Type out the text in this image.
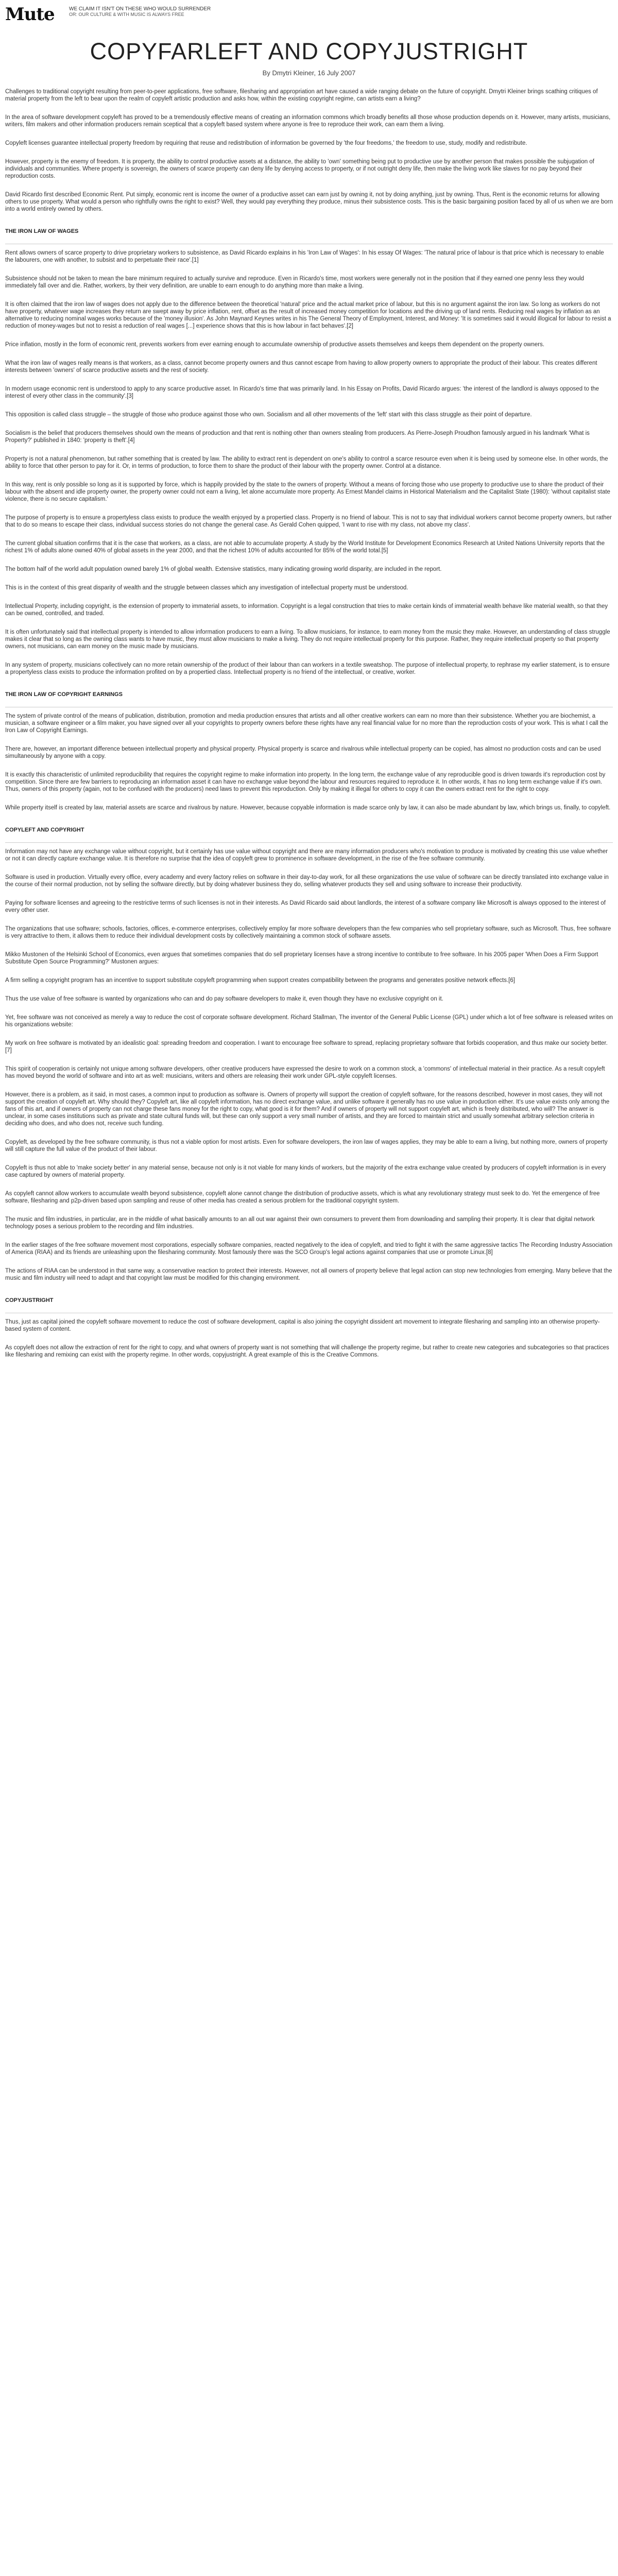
Mute	WE CLAIM IT ISN'T ON THESE WHO WOULD SURRENDER
OR: OUR CULTURE & WITH MUSIC IS ALWAYS FREE
COPYFARLEFT AND COPYJUSTRIGHT
By Dmytri Kleiner, 16 July 2007

Challenges to traditional copyright resulting from peer-to-peer applications, free software, filesharing and appropriation art have caused a wide ranging debate on the future of copyright. Dmytri Kleiner brings scathing critiques of material property from the left to bear upon the realm of copyleft artistic production and asks how, within the existing copyright regime, can artists earn a living?

In the area of software development copyleft has proved to be a tremendously effective means of creating an information commons which broadly benefits all those whose production depends on it. However, many artists, musicians, writers, film makers and other information producers remain sceptical that a copyleft based system where anyone is free to reproduce their work, can earn them a living.

Copyleft licenses guarantee intellectual property freedom by requiring that reuse and redistribution of information be governed by 'the four freedoms,' the freedom to use, study, modify and redistribute.

However, property is the enemy of freedom. It is property, the ability to control productive assets at a distance, the ability to 'own' something being put to productive use by another person that makes possible the subjugation of individuals and communities. Where property is sovereign, the owners of scarce property can deny life by denying access to property, or if not outright deny life, then make the living work like slaves for no pay beyond their reproduction costs.

David Ricardo first described Economic Rent. Put simply, economic rent is income the owner of a productive asset can earn just by owning it, not by doing anything, just by owning. Thus, Rent is the economic returns for allowing others to use property. What would a person who rightfully owns the right to exist? Well, they would pay everything they produce, minus their subsistence costs. This is the basic bargaining position faced by all of us when we are born into a world entirely owned by others.

THE IRON LAW OF WAGES

Rent allows owners of scarce property to drive proprietary workers to subsistence, as David Ricardo explains in his 'Iron Law of Wages': In his essay Of Wages: 'The natural price of labour is that price which is necessary to enable the labourers, one with another, to subsist and to perpetuate their race'.[1]

Subsistence should not be taken to mean the bare minimum required to actually survive and reproduce. Even in Ricardo's time, most workers were generally not in the position that if they earned one penny less they would immediately fall over and die. Rather, workers, by their very definition, are unable to earn enough to do anything more than make a living.

It is often claimed that the iron law of wages does not apply due to the difference between the theoretical 'natural' price and the actual market price of labour, but this is no argument against the iron law. So long as workers do not have property, whatever wage increases they return are swept away by price inflation, rent, offset as the result of increased money competition for locations and the driving up of land rents. Reducing real wages by inflation as an alternative to reducing nominal wages works because of the 'money illusion'. As John Maynard Keynes writes in his The General Theory of Employment, Interest, and Money: 'It is sometimes said it would illogical for labour to resist a reduction of money-wages but not to resist a reduction of real wages [...] experience shows that this is how labour in fact behaves'.[2]

Price inflation, mostly in the form of economic rent, prevents workers from ever earning enough to accumulate ownership of productive assets themselves and keeps them dependent on the property owners.

What the iron law of wages really means is that workers, as a class, cannot become property owners and thus cannot escape from having to allow property owners to appropriate the product of their labour. This creates different interests between 'owners' of scarce productive assets and the rest of society.

In modern usage economic rent is understood to apply to any scarce productive asset. In Ricardo's time that was primarily land. In his Essay on Profits, David Ricardo argues: 'the interest of the landlord is always opposed to the interest of every other class in the community'.[3]

This opposition is called class struggle – the struggle of those who produce against those who own. Socialism and all other movements of the 'left' start with this class struggle as their point of departure.

Socialism is the belief that producers themselves should own the means of production and that rent is nothing other than owners stealing from producers. As Pierre-Joseph Proudhon famously argued in his landmark 'What is Property?' published in 1840: 'property is theft'.[4]

Property is not a natural phenomenon, but rather something that is created by law. The ability to extract rent is dependent on one's ability to control a scarce resource even when it is being used by someone else. In other words, the ability to force that other person to pay for it. Or, in terms of production, to force them to share the product of their labour with the property owner. Control at a distance.

In this way, rent is only possible so long as it is supported by force, which is happily provided by the state to the owners of property. Without a means of forcing those who use property to productive use to share the product of their labour with the absent and idle property owner, the property owner could not earn a living, let alone accumulate more property. As Ernest Mandel claims in Historical Materialism and the Capitalist State (1980): 'without capitalist state violence, there is no secure capitalism.'

The purpose of property is to ensure a propertyless class exists to produce the wealth enjoyed by a propertied class. Property is no friend of labour. This is not to say that individual workers cannot become property owners, but rather that to do so means to escape their class, individual success stories do not change the general case. As Gerald Cohen quipped, 'I want to rise with my class, not above my class'.

The current global situation confirms that it is the case that workers, as a class, are not able to accumulate property. A study by the World Institute for Development Economics Research at United Nations University reports that the richest 1% of adults alone owned 40% of global assets in the year 2000, and that the richest 10% of adults accounted for 85% of the world total.[5]

The bottom half of the world adult population owned barely 1% of global wealth. Extensive statistics, many indicating growing world disparity, are included in the report.

This is in the context of this great disparity of wealth and the struggle between classes which any investigation of intellectual property must be understood.

Intellectual Property, including copyright, is the extension of property to immaterial assets, to information. Copyright is a legal construction that tries to make certain kinds of immaterial wealth behave like material wealth, so that they can be owned, controlled, and traded.

It is often unfortunately said that intellectual property is intended to allow information producers to earn a living. To allow musicians, for instance, to earn money from the music they make. However, an understanding of class struggle makes it clear that so long as the owning class wants to have music, they must allow musicians to make a living. They do not require intellectual property for this purpose. Rather, they require intellectual property so that property owners, not musicians, can earn money on the music made by musicians.

In any system of property, musicians collectively can no more retain ownership of the product of their labour than can workers in a textile sweatshop. The purpose of intellectual property, to rephrase my earlier statement, is to ensure a propertyless class exists to produce the information profited on by a propertied class. Intellectual property is no friend of the intellectual, or creative, worker.

THE IRON LAW OF COPYRIGHT EARNINGS

The system of private control of the means of publication, distribution, promotion and media production ensures that artists and all other creative workers can earn no more than their subsistence. Whether you are biochemist, a musician, a software engineer or a film maker, you have signed over all your copyrights to property owners before these rights have any real financial value for no more than the reproduction costs of your work. This is what I call the Iron Law of Copyright Earnings.

There are, however, an important difference between intellectual property and physical property. Physical property is scarce and rivalrous while intellectual property can be copied, has almost no production costs and can be used simultaneously by anyone with a copy.

It is exactly this characteristic of unlimited reproducibility that requires the copyright regime to make information into property. In the long term, the exchange value of any reproducible good is driven towards it's reproduction cost by competition. Since there are few barriers to reproducing an information asset it can have no exchange value beyond the labour and resources required to reproduce it. In other words, it has no long term exchange value if it's own. Thus, owners of this property (again, not to be confused with the producers) need laws to prevent this reproduction. Only by making it illegal for others to copy it can the owners extract rent for the right to copy.

While property itself is created by law, material assets are scarce and rivalrous by nature. However, because copyable information is made scarce only by law, it can also be made abundant by law, which brings us, finally, to copyleft.

COPYLEFT AND COPYRIGHT

Information may not have any exchange value without copyright, but it certainly has use value without copyright and there are many information producers who's motivation to produce is motivated by creating this use value whether or not it can directly capture exchange value. It is therefore no surprise that the idea of copyleft grew to prominence in software development, in the rise of the free software community.

Software is used in production. Virtually every office, every academy and every factory relies on software in their day-to-day work, for all these organizations the use value of software can be directly translated into exchange value in the course of their normal production, not by selling the software directly, but by doing whatever business they do, selling whatever products they sell and using software to increase their productivity.

Paying for software licenses and agreeing to the restrictive terms of such licenses is not in their interests. As David Ricardo said about landlords, the interest of a software company like Microsoft is always opposed to the interest of every other user.

The organizations that use software; schools, factories, offices, e-commerce enterprises, collectively employ far more software developers than the few companies who sell proprietary software, such as Microsoft. Thus, free software is very attractive to them, it allows them to reduce their individual development costs by collectively maintaining a common stock of software assets.

Mikko Mustonen of the Helsinki School of Economics, even argues that sometimes companies that do sell proprietary licenses have a strong incentive to contribute to free software. In his 2005 paper 'When Does a Firm Support Substitute Open Source Programming?' Mustonen argues:

A firm selling a copyright program has an incentive to support substitute copyleft programming when support creates compatibility between the programs and generates positive network effects.[6]

Thus the use value of free software is wanted by organizations who can and do pay software developers to make it, even though they have no exclusive copyright on it.

Yet, free software was not conceived as merely a way to reduce the cost of corporate software development. Richard Stallman, The inventor of the General Public License (GPL) under which a lot of free software is released writes on his organizations website:

My work on free software is motivated by an idealistic goal: spreading freedom and cooperation. I want to encourage free software to spread, replacing proprietary software that forbids cooperation, and thus make our society better.[7]

This spirit of cooperation is certainly not unique among software developers, other creative producers have expressed the desire to work on a common stock, a 'commons' of intellectual material in their practice. As a result copyleft has moved beyond the world of software and into art as well: musicians, writers and others are releasing their work under GPL-style copyleft licenses.

However, there is a problem, as it said, in most cases, a common input to production as software is. Owners of property will support the creation of copyleft software, for the reasons described, however in most cases, they will not support the creation of copyleft art. Why should they? Copyleft art, like all copyleft information, has no direct exchange value, and unlike software it generally has no use value in production either. It's use value exists only among the fans of this art, and if owners of property can not charge these fans money for the right to copy, what good is it for them? And if owners of property will not support copyleft art, which is freely distributed, who will? The answer is unclear, in some cases institutions such as private and state cultural funds will, but these can only support a very small number of artists, and they are forced to maintain strict and usually somewhat arbitrary selection criteria in deciding who does, and who does not, receive such funding.

Copyleft, as developed by the free software community, is thus not a viable option for most artists. Even for software developers, the iron law of wages applies, they may be able to earn a living, but nothing more, owners of property will still capture the full value of the product of their labour.

Copyleft is thus not able to 'make society better' in any material sense, because not only is it not viable for many kinds of workers, but the majority of the extra exchange value created by producers of copyleft information is in every case captured by owners of material property.

As copyleft cannot allow workers to accumulate wealth beyond subsistence, copyleft alone cannot change the distribution of productive assets, which is what any revolutionary strategy must seek to do. Yet the emergence of free software, filesharing and p2p-driven based upon sampling and reuse of other media has created a serious problem for the traditional copyright system.

The music and film industries, in particular, are in the middle of what basically amounts to an all out war against their own consumers to prevent them from downloading and sampling their property. It is clear that digital network technology poses a serious problem to the recording and film industries.

In the earlier stages of the free software movement most corporations, especially software companies, reacted negatively to the idea of copyleft, and tried to fight it with the same aggressive tactics The Recording Industry Association of America (RIAA) and its friends are unleashing upon the filesharing community. Most famously there was the SCO Group's legal actions against companies that use or promote Linux.[8]

The actions of RIAA can be understood in that same way, a conservative reaction to protect their interests. However, not all owners of property believe that legal action can stop new technologies from emerging. Many believe that the music and film industry will need to adapt and that copyright law must be modified for this changing environment.

COPYJUSTRIGHT

Thus, just as capital joined the copyleft software movement to reduce the cost of software development, capital is also joining the copyright dissident art movement to integrate filesharing and sampling into an otherwise property-based system of content.

As copyleft does not allow the extraction of rent for the right to copy, and what owners of property want is not something that will challenge the property regime, but rather to create new categories and subcategories so that practices like filesharing and remixing can exist with the property regime. In other words, copyjustright. A great example of this is the Creative Commons.
